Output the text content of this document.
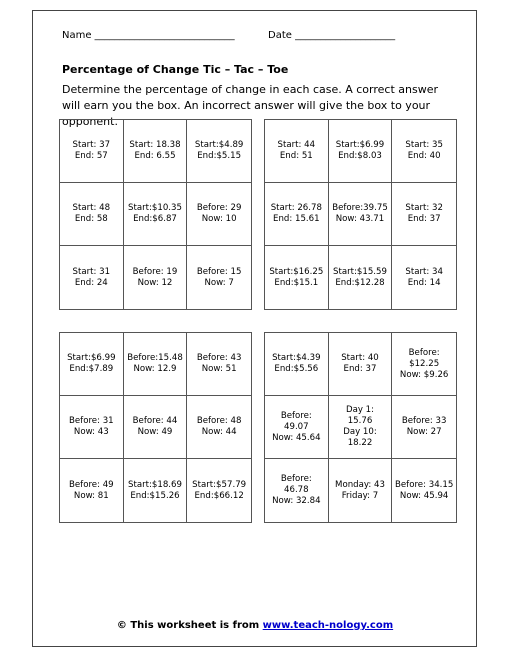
Name ____________________________	Date ____________________
Percentage of Change Tic – Tac – Toe
Determine the percentage of change in each case. A correct answer will earn you the box. An incorrect answer will give the box to your opponent.
Start: 37
End: 57
Start: 18.38
End: 6.55
Start:$4.89
End:$5.15
Start: 48
End: 58
Start:$10.35
End:$6.87
Before: 29
Now: 10
Start: 31
End: 24
Before: 19
Now: 12
Before: 15
Now: 7
Start: 44
End: 51
Start:$6.99
End:$8.03
Start: 35
End: 40
Start: 26.78
End: 15.61
Before:39.75
Now: 43.71
Start: 32
End: 37
Start:$16.25
End:$15.1
Start:$15.59
End:$12.28
Start: 34
End: 14
Start:$6.99
End:$7.89
Before:15.48
Now: 12.9
Before: 43
Now: 51
Before: 31
Now: 43
Before: 44
Now: 49
Before: 48
Now: 44
Before: 49
Now: 81
Start:$18.69
End:$15.26
Start:$57.79
End:$66.12
Start:$4.39
End:$5.56
Start: 40
End: 37
Before:
$12.25
Now: $9.26
Before:
49.07
Now: 45.64
Day 1:
15.76
Day 10:
18.22
Before: 33
Now: 27
Before:
46.78
Now: 32.84
Monday: 43
Friday: 7
Before: 34.15
Now: 45.94
© This worksheet is from www.teach-nology.com
